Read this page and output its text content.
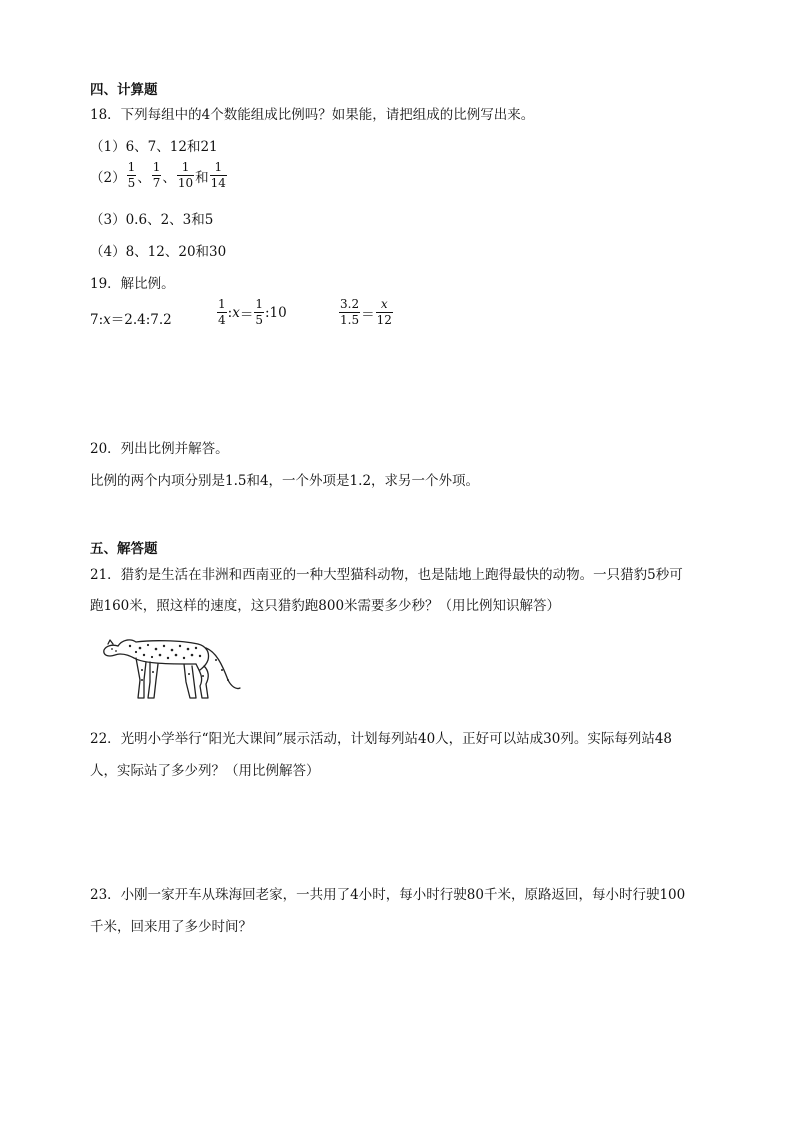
四、计算题
18．下列每组中的4个数能组成比例吗？如果能，请把组成的比例写出来。
（1）6、7、12和21
$(2) \frac{1}{5}$ 、 $\frac{1}{7}$ 、 $\frac{1}{10}$ 和 $\frac{1}{14}$
（3）0.6、2、3和5
（4）8、12、20和30
19．解比例。
7:x＝2.4:7.2	$\frac{1}{4}$ :x＝ $\frac{1}{5}$ :10	$\frac{3.2}{1.5} = \frac{x}{12}$
20．列出比例并解答。
比例的两个内项分别是1.5和4，一个外项是1.2，求另一个外项。
五、解答题
21．猎豹是生活在非洲和西南亚的一种大型猫科动物，也是陆地上跑得最快的动物。一只猎豹5秒可
跑160米，照这样的速度，这只猎豹跑800米需要多少秒？（用比例知识解答）
22．光明小学举行“阳光大课间”展示活动，计划每列站40人，正好可以站成30列。实际每列站48
人，实际站了多少列？（用比例解答）
23．小刚一家开车从珠海回老家，一共用了4小时，每小时行驶80千米，原路返回，每小时行驶100
千米，回来用了多少时间？
